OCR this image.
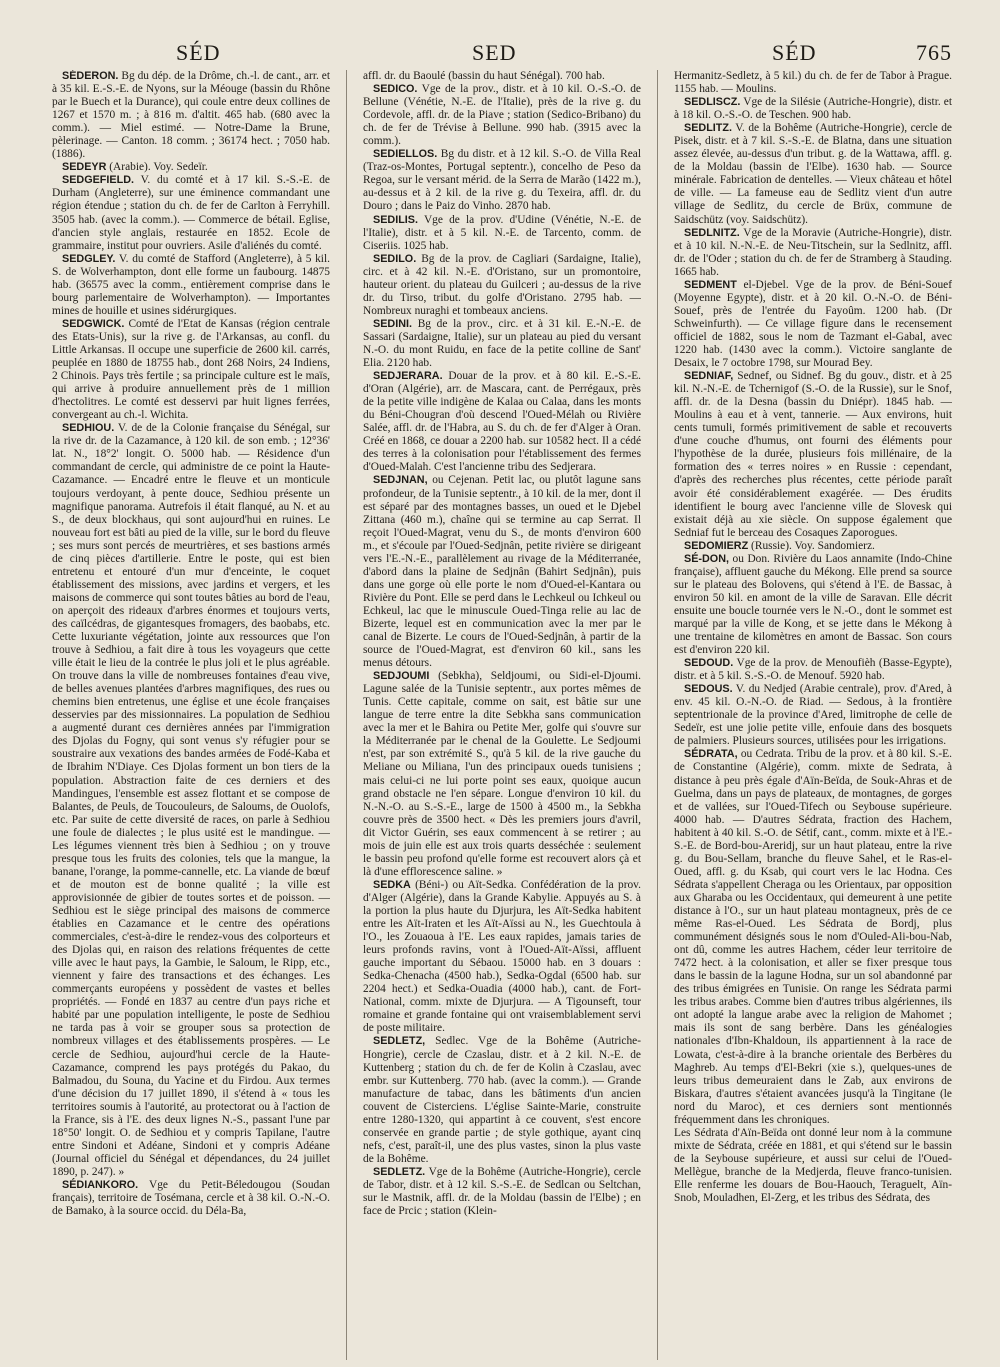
SÉD	SED	SÉD	765

SÉDERON. Bg du dép. de la Drôme, ch.-l. de cant., arr. et à 35 kil. E.-S.-E. de Nyons, sur la Méouge (bassin du Rhône par le Buech et la Durance), qui coule entre deux collines de 1267 et 1570 m. ; à 816 m. d'altit. 465 hab. (680 avec la comm.). — Miel estimé. — Notre-Dame la Brune, pèlerinage. — Canton. 18 comm. ; 36174 hect. ; 7050 hab. (1886).

SEDEYR (Arabie). Voy. Sedeïr.

SEDGEFIELD. V. du comté et à 17 kil. S.-S.-E. de Durham (Angleterre), sur une éminence commandant une région étendue ; station du ch. de fer de Carlton à Ferryhill. 3505 hab. (avec la comm.). — Commerce de bétail. Eglise, d'ancien style anglais, restaurée en 1852. Ecole de grammaire, institut pour ouvriers. Asile d'aliénés du comté.

SEDGLEY. V. du comté de Stafford (Angleterre), à 5 kil. S. de Wolverhampton, dont elle forme un faubourg. 14875 hab. (36575 avec la comm., entièrement comprise dans le bourg parlementaire de Wolverhampton). — Importantes mines de houille et usines sidérurgiques.

SEDGWICK. Comté de l'Etat de Kansas (région centrale des Etats-Unis), sur la rive g. de l'Arkansas, au confl. du Little Arkansas. Il occupe une superficie de 2600 kil. carrés, peuplée en 1880 de 18755 hab., dont 268 Noirs, 24 Indiens, 2 Chinois. Pays très fertile ; sa principale culture est le maïs, qui arrive à produire annuellement près de 1 million d'hectolitres. Le comté est desservi par huit lignes ferrées, convergeant au ch.-l. Wichita.

SEDHIOU. V. de de la Colonie française du Sénégal, sur la rive dr. de la Cazamance, à 120 kil. de son emb. ; 12°36' lat. N., 18°2' longit. O. 5000 hab. — Résidence d'un commandant de cercle, qui administre de ce point la Haute-Cazamance. — Encadré entre le fleuve et un monticule toujours verdoyant, à pente douce, Sedhiou présente un magnifique panorama. Autrefois il était flanqué, au N. et au S., de deux blockhaus, qui sont aujourd'hui en ruines. Le nouveau fort est bâti au pied de la ville, sur le bord du fleuve ; ses murs sont percés de meurtrières, et ses bastions armés de cinq pièces d'artillerie. Entre le poste, qui est bien entretenu et entouré d'un mur d'enceinte, le coquet établissement des missions, avec jardins et vergers, et les maisons de commerce qui sont toutes bâties au bord de l'eau, on aperçoit des rideaux d'arbres énormes et toujours verts, des caïlcédras, de gigantesques fromagers, des baobabs, etc. Cette luxuriante végétation, jointe aux ressources que l'on trouve à Sedhiou, a fait dire à tous les voyageurs que cette ville était le lieu de la contrée le plus joli et le plus agréable. On trouve dans la ville de nombreuses fontaines d'eau vive, de belles avenues plantées d'arbres magnifiques, des rues ou chemins bien entretenus, une église et une école françaises desservies par des missionnaires. La population de Sedhiou a augmenté durant ces dernières années par l'immigration des Djolas du Fogny, qui sont venus s'y réfugier pour se soustraire aux vexations des bandes armées de Fodé-Kaba et de Ibrahim N'Diaye. Ces Djolas forment un bon tiers de la population. Abstraction faite de ces derniers et des Mandingues, l'ensemble est assez flottant et se compose de Balantes, de Peuls, de Toucouleurs, de Saloums, de Ouolofs, etc. Par suite de cette diversité de races, on parle à Sedhiou une foule de dialectes ; le plus usité est le mandingue. — Les légumes viennent très bien à Sedhiou ; on y trouve presque tous les fruits des colonies, tels que la mangue, la banane, l'orange, la pomme-cannelle, etc. La viande de bœuf et de mouton est de bonne qualité ; la ville est approvisionnée de gibier de toutes sortes et de poisson. — Sedhiou est le siège principal des maisons de commerce établies en Cazamance et le centre des opérations commerciales, c'est-à-dire le rendez-vous des colporteurs et des Djolas qui, en raison des relations fréquentes de cette ville avec le haut pays, la Gambie, le Saloum, le Ripp, etc., viennent y faire des transactions et des échanges. Les commerçants européens y possèdent de vastes et belles propriétés. — Fondé en 1837 au centre d'un pays riche et habité par une population intelligente, le poste de Sedhiou ne tarda pas à voir se grouper sous sa protection de nombreux villages et des établissements prospères. — Le cercle de Sedhiou, aujourd'hui cercle de la Haute-Cazamance, comprend les pays protégés du Pakao, du Balmadou, du Souna, du Yacine et du Firdou. Aux termes d'une décision du 17 juillet 1890, il s'étend à « tous les territoires soumis à l'autorité, au protectorat ou à l'action de la France, sis à l'E. des deux lignes N.-S., passant l'une par 18°50' longit. O. de Sedhiou et y compris Tapilane, l'autre entre Sindoni et Adéane, Sindoni et y compris Adéane (Journal officiel du Sénégal et dépendances, du 24 juillet 1890, p. 247). »

SÉDIANKORO. Vge du Petit-Béledougou (Soudan français), territoire de Tosémana, cercle et à 38 kil. O.-N.-O. de Bamako, à la source occid. du Déla-Ba,

affl. dr. du Baoulé (bassin du haut Sénégal). 700 hab.

SEDICO. Vge de la prov., distr. et à 10 kil. O.-S.-O. de Bellune (Vénétie, N.-E. de l'Italie), près de la rive g. du Cordevole, affl. dr. de la Piave ; station (Sedico-Bribano) du ch. de fer de Trévise à Bellune. 990 hab. (3915 avec la comm.).

SEDIELLOS. Bg du distr. et à 12 kil. S.-O. de Villa Real (Traz-os-Montes, Portugal septentr.), concelho de Peso da Regoa, sur le versant mérid. de la Serra de Marão (1422 m.), au-dessus et à 2 kil. de la rive g. du Texeira, affl. dr. du Douro ; dans le Paiz do Vinho. 2870 hab.

SEDILIS. Vge de la prov. d'Udine (Vénétie, N.-E. de l'Italie), distr. et à 5 kil. N.-E. de Tarcento, comm. de Ciseriis. 1025 hab.

SEDILO. Bg de la prov. de Cagliari (Sardaigne, Italie), circ. et à 42 kil. N.-E. d'Oristano, sur un promontoire, hauteur orient. du plateau du Guilceri ; au-dessus de la rive dr. du Tirso, tribut. du golfe d'Oristano. 2795 hab. — Nombreux nuraghi et tombeaux anciens.

SEDINI. Bg de la prov., circ. et à 31 kil. E.-N.-E. de Sassari (Sardaigne, Italie), sur un plateau au pied du versant N.-O. du mont Ruidu, en face de la petite colline de Sant' Elia. 2120 hab.

SEDJERARA. Douar de la prov. et à 80 kil. E.-S.-E. d'Oran (Algérie), arr. de Mascara, cant. de Perrégaux, près de la petite ville indigène de Kalaa ou Calaa, dans les monts du Béni-Chougran d'où descend l'Oued-Mélah ou Rivière Salée, affl. dr. de l'Habra, au S. du ch. de fer d'Alger à Oran. Créé en 1868, ce douar a 2200 hab. sur 10582 hect. Il a cédé des terres à la colonisation pour l'établissement des fermes d'Oued-Malah. C'est l'ancienne tribu des Sedjerara.

SEDJNAN, ou Cejenan. Petit lac, ou plutôt lagune sans profondeur, de la Tunisie septentr., à 10 kil. de la mer, dont il est séparé par des montagnes basses, un oued et le Djebel Zittana (460 m.), chaîne qui se termine au cap Serrat. Il reçoit l'Oued-Magrat, venu du S., de monts d'environ 600 m., et s'écoule par l'Oued-Sedjnân, petite rivière se dirigeant vers l'E.-N.-E., parallèlement au rivage de la Méditerranée, d'abord dans la plaine de Sedjnân (Bahirt Sedjnân), puis dans une gorge où elle porte le nom d'Oued-el-Kantara ou Rivière du Pont. Elle se perd dans le Lechkeul ou Ichkeul ou Echkeul, lac que le minuscule Oued-Tinga relie au lac de Bizerte, lequel est en communication avec la mer par le canal de Bizerte. Le cours de l'Oued-Sedjnân, à partir de la source de l'Oued-Magrat, est d'environ 60 kil., sans les menus détours.

SEDJOUMI (Sebkha), Seldjoumi, ou Sidi-el-Djoumi. Lagune salée de la Tunisie septentr., aux portes mêmes de Tunis. Cette capitale, comme on sait, est bâtie sur une langue de terre entre la dite Sebkha sans communication avec la mer et le Bahira ou Petite Mer, golfe qui s'ouvre sur la Méditerranée par le chenal de la Goulette. Le Sedjoumi n'est, par son extrémité S., qu'à 5 kil. de la rive gauche du Meliane ou Miliana, l'un des principaux oueds tunisiens ; mais celui-ci ne lui porte point ses eaux, quoique aucun grand obstacle ne l'en sépare. Longue d'environ 10 kil. du N.-N.-O. au S.-S.-E., large de 1500 à 4500 m., la Sebkha couvre près de 3500 hect. « Dès les premiers jours d'avril, dit Victor Guérin, ses eaux commencent à se retirer ; au mois de juin elle est aux trois quarts desséchée : seulement le bassin peu profond qu'elle forme est recouvert alors çà et là d'une efflorescence saline. »

SEDKA (Béni-) ou Aït-Sedka. Confédération de la prov. d'Alger (Algérie), dans la Grande Kabylie. Appuyés au S. à la portion la plus haute du Djurjura, les Aït-Sedka habitent entre les Aït-Iraten et les Aït-Aïssi au N., les Guechtoula à l'O., les Zouaoua à l'E. Les eaux rapides, jamais taries de leurs profonds ravins, vont à l'Oued-Aït-Aïssi, affluent gauche important du Sébaou. 15000 hab. en 3 douars : Sedka-Chenacha (4500 hab.), Sedka-Ogdal (6500 hab. sur 2204 hect.) et Sedka-Ouadia (4000 hab.), cant. de Fort-National, comm. mixte de Djurjura. — A Tigounseft, tour romaine et grande fontaine qui ont vraisemblablement servi de poste militaire.

SEDLETZ, Sedlec. Vge de la Bohême (Autriche-Hongrie), cercle de Czaslau, distr. et à 2 kil. N.-E. de Kuttenberg ; station du ch. de fer de Kolin à Czaslau, avec embr. sur Kuttenberg. 770 hab. (avec la comm.). — Grande manufacture de tabac, dans les bâtiments d'un ancien couvent de Cisterciens. L'église Sainte-Marie, construite entre 1280-1320, qui appartint à ce couvent, s'est encore conservée en grande partie ; de style gothique, ayant cinq nefs, c'est, paraît-il, une des plus vastes, sinon la plus vaste de la Bohême.

SEDLETZ. Vge de la Bohême (Autriche-Hongrie), cercle de Tabor, distr. et à 12 kil. S.-S.-E. de Sedlcan ou Seltchan, sur le Mastnik, affl. dr. de la Moldau (bassin de l'Elbe) ; en face de Prcic ; station (Klein-

Hermanitz-Sedletz, à 5 kil.) du ch. de fer de Tabor à Prague. 1155 hab. — Moulins.

SEDLISCZ. Vge de la Silésie (Autriche-Hongrie), distr. et à 18 kil. O.-S.-O. de Teschen. 900 hab.

SEDLITZ. V. de la Bohême (Autriche-Hongrie), cercle de Pisek, distr. et à 7 kil. S.-S.-E. de Blatna, dans une situation assez élevée, au-dessus d'un tribut. g. de la Wattawa, affl. g. de la Moldau (bassin de l'Elbe). 1630 hab. — Source minérale. Fabrication de dentelles. — Vieux château et hôtel de ville. — La fameuse eau de Sedlitz vient d'un autre village de Sedlitz, du cercle de Brüx, commune de Saidschütz (voy. Saidschütz).

SEDLNITZ. Vge de la Moravie (Autriche-Hongrie), distr. et à 10 kil. N.-N.-E. de Neu-Titschein, sur la Sedlnitz, affl. dr. de l'Oder ; station du ch. de fer de Stramberg à Stauding. 1665 hab.

SEDMENT el-Djebel. Vge de la prov. de Béni-Souef (Moyenne Egypte), distr. et à 20 kil. O.-N.-O. de Béni-Souef, près de l'entrée du Fayoûm. 1200 hab. (Dr Schweinfurth). — Ce village figure dans le recensement officiel de 1882, sous le nom de Tazmant el-Gabal, avec 1220 hab. (1430 avec la comm.). Victoire sanglante de Desaix, le 7 octobre 1798, sur Mourad Bey.

SEDNIAF, Sednef, ou Sidnef. Bg du gouv., distr. et à 25 kil. N.-N.-E. de Tchernigof (S.-O. de la Russie), sur le Snof, affl. dr. de la Desna (bassin du Dniépr). 1845 hab. — Moulins à eau et à vent, tannerie. — Aux environs, huit cents tumuli, formés primitivement de sable et recouverts d'une couche d'humus, ont fourni des éléments pour l'hypothèse de la durée, plusieurs fois millénaire, de la formation des « terres noires » en Russie : cependant, d'après des recherches plus récentes, cette période paraît avoir été considérablement exagérée. — Des érudits identifient le bourg avec l'ancienne ville de Slovesk qui existait déjà au xie siècle. On suppose également que Sedniaf fut le berceau des Cosaques Zaporogues.

SEDOMIERZ (Russie). Voy. Sandomierz.

SÉ-DON, ou Don. Rivière du Laos annamite (Indo-Chine française), affluent gauche du Mékong. Elle prend sa source sur le plateau des Bolovens, qui s'étend à l'E. de Bassac, à environ 50 kil. en amont de la ville de Saravan. Elle décrit ensuite une boucle tournée vers le N.-O., dont le sommet est marqué par la ville de Kong, et se jette dans le Mékong à une trentaine de kilomètres en amont de Bassac. Son cours est d'environ 220 kil.

SEDOUD. Vge de la prov. de Menoufièh (Basse-Egypte), distr. et à 5 kil. S.-S.-O. de Menouf. 5920 hab.

SEDOUS. V. du Nedjed (Arabie centrale), prov. d'Ared, à env. 45 kil. O.-N.-O. de Riad. — Sedous, à la frontière septentrionale de la province d'Ared, limitrophe de celle de Sedeïr, est une jolie petite ville, enfouie dans des bosquets de palmiers. Plusieurs sources, utilisées pour les irrigations.

SÉDRATA, ou Cedrata. Tribu de la prov. et à 80 kil. S.-E. de Constantine (Algérie), comm. mixte de Sedrata, à distance à peu près égale d'Aïn-Beïda, de Souk-Ahras et de Guelma, dans un pays de plateaux, de montagnes, de gorges et de vallées, sur l'Oued-Tifech ou Seybouse supérieure. 4000 hab. — D'autres Sédrata, fraction des Hachem, habitent à 40 kil. S.-O. de Sétif, cant., comm. mixte et à l'E.-S.-E. de Bord-bou-Areridj, sur un haut plateau, entre la rive g. du Bou-Sellam, branche du fleuve Sahel, et le Ras-el-Oued, affl. g. du Ksab, qui court vers le lac Hodna. Ces Sédrata s'appellent Cheraga ou les Orientaux, par opposition aux Gharaba ou les Occidentaux, qui demeurent à une petite distance à l'O., sur un haut plateau montagneux, près de ce même Ras-el-Oued. Les Sédrata de Bordj, plus communément désignés sous le nom d'Ouled-Ali-bou-Nab, ont dû, comme les autres Hachem, céder leur territoire de 7472 hect. à la colonisation, et aller se fixer presque tous dans le bassin de la lagune Hodna, sur un sol abandonné par des tribus émigrées en Tunisie. On range les Sédrata parmi les tribus arabes. Comme bien d'autres tribus algériennes, ils ont adopté la langue arabe avec la religion de Mahomet ; mais ils sont de sang berbère. Dans les généalogies nationales d'Ibn-Khaldoun, ils appartiennent à la race de Lowata, c'est-à-dire à la branche orientale des Berbères du Maghreb. Au temps d'El-Bekri (xie s.), quelques-unes de leurs tribus demeuraient dans le Zab, aux environs de Biskara, d'autres s'étaient avancées jusqu'à la Tingitane (le nord du Maroc), et ces derniers sont mentionnés fréquemment dans les chroniques.

Les Sédrata d'Aïn-Beïda ont donné leur nom à la commune mixte de Sédrata, créée en 1881, et qui s'étend sur le bassin de la Seybouse supérieure, et aussi sur celui de l'Oued-Mellègue, branche de la Medjerda, fleuve franco-tunisien. Elle renferme les douars de Bou-Haouch, Teraguelt, Aïn-Snob, Mouladhen, El-Zerg, et les tribus des Sédrata, des
